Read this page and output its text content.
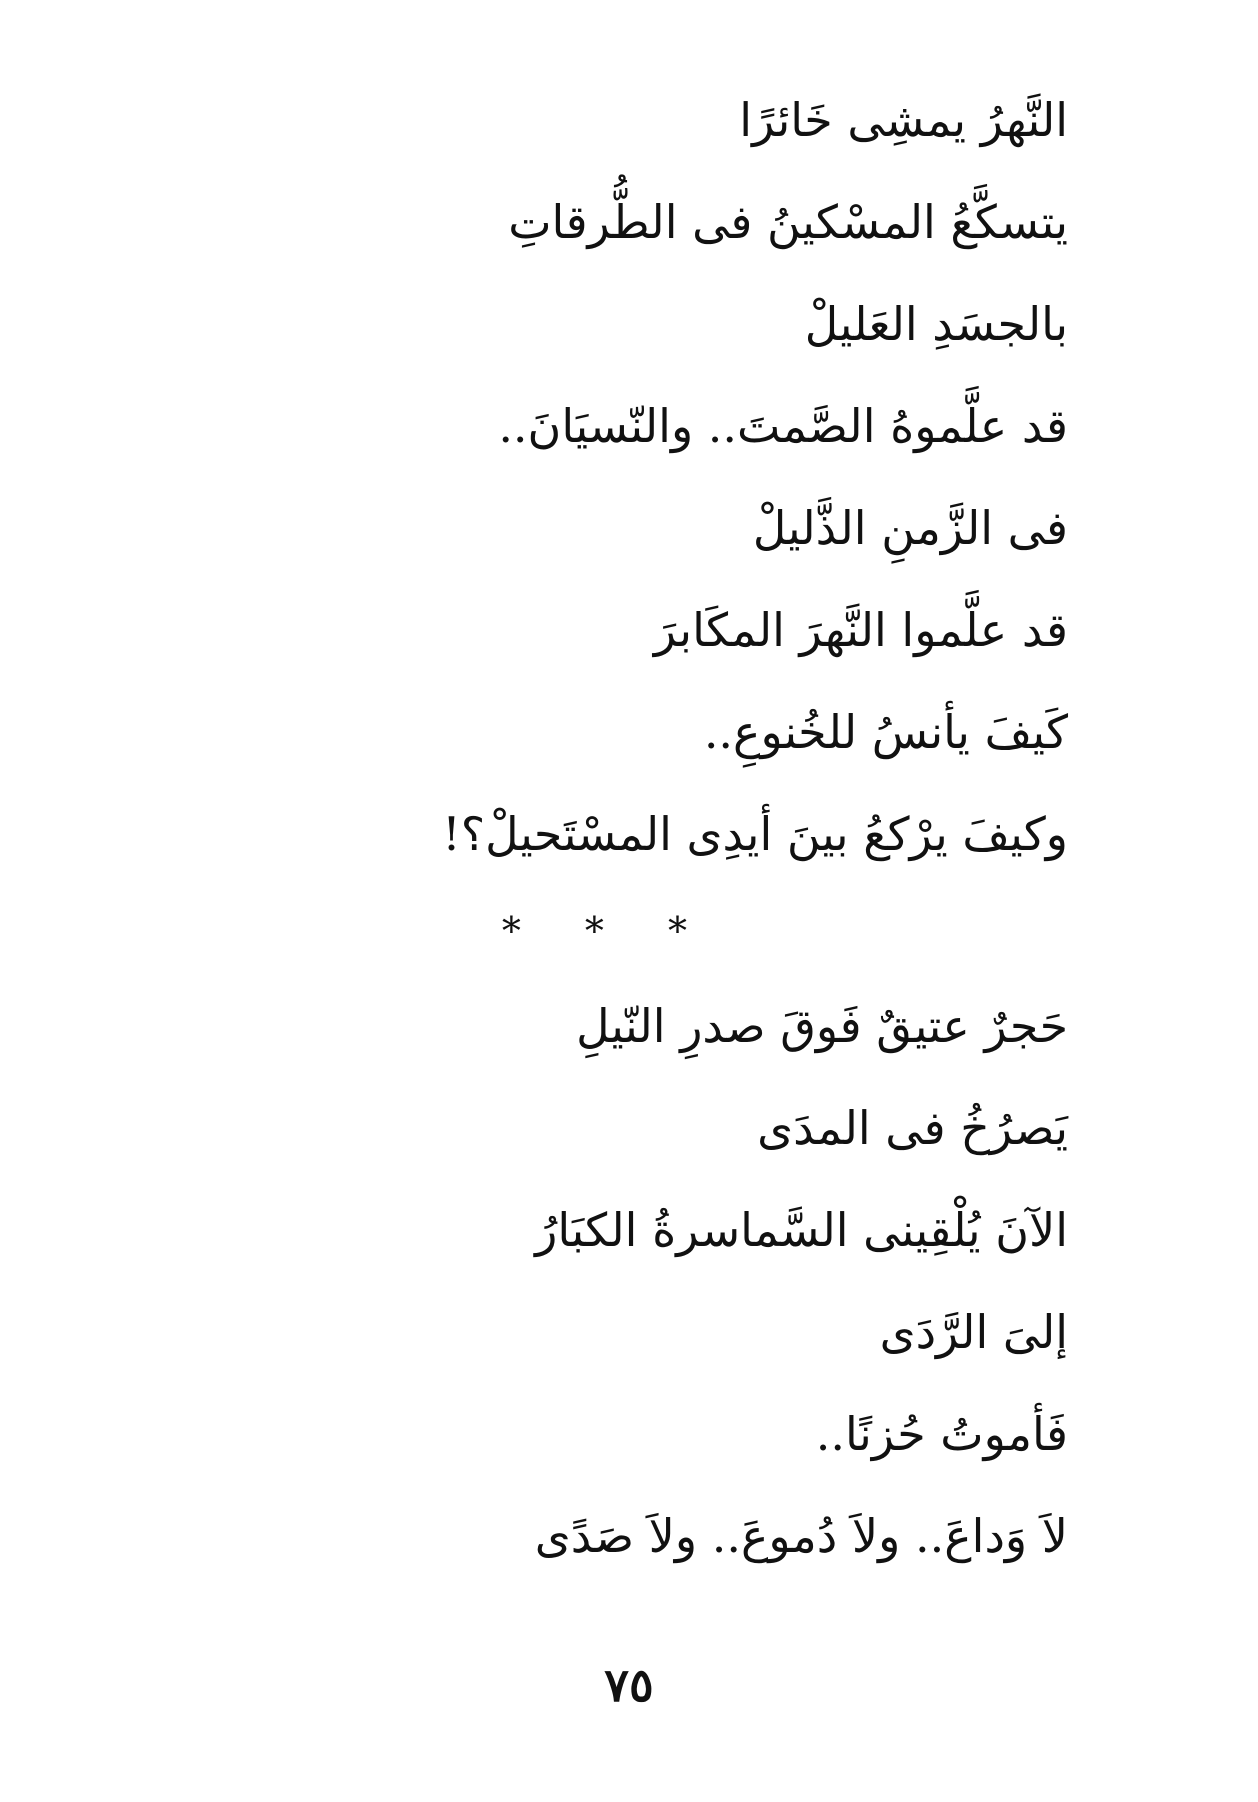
النَّهرُ يمشِى خَائرًا

يتسكَّعُ المسْكينُ فى الطُّرقاتِ

بالجسَدِ العَليلْ

قد علَّموهُ الصَّمتَ.. والنّسيَانَ..

فى الزَّمنِ الذَّليلْ

قد علَّموا النَّهرَ المكَابرَ

كَيفَ يأنسُ للخُنوعِ..

وكيفَ يرْكعُ بينَ أيدِى المسْتَحيلْ؟!

* * *

حَجرٌ عتيقٌ فَوقَ صدرِ النّيلِ

يَصرُخُ فى المدَى

الآنَ يُلْقِينى السَّماسرةُ الكبَارُ

إلىَ الرَّدَى

فَأموتُ حُزنًا..

لاَ وَداعَ.. ولاَ دُموعَ.. ولاَ صَدًى

٧٥
